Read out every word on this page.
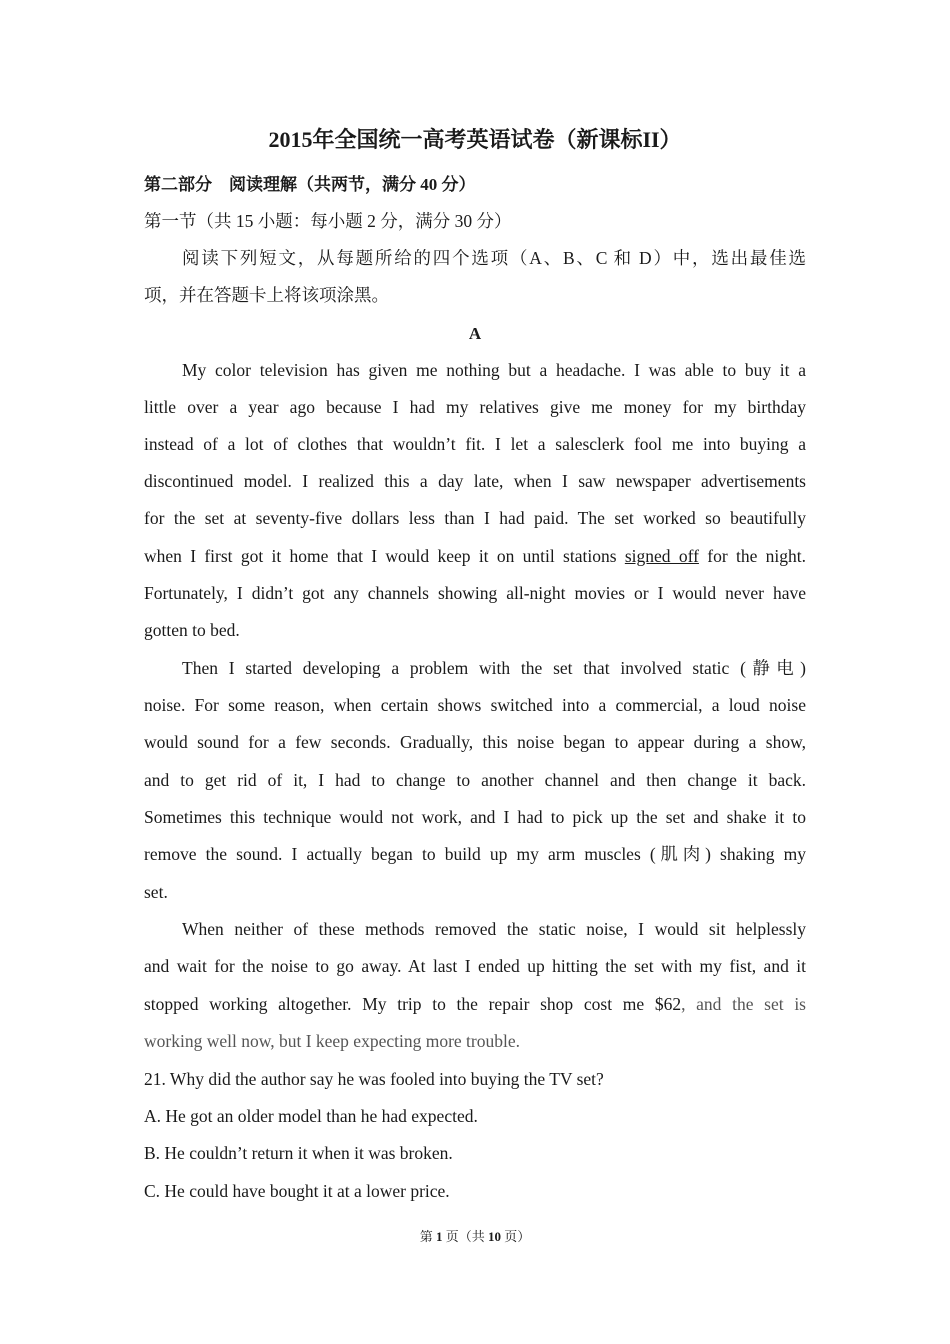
2015年全国统一高考英语试卷（新课标II）

第二部分　阅读理解（共两节，满分 40 分）

第一节（共 15 小题：每小题 2 分，满分 30 分）

阅读下列短文，从每题所给的四个选项（A、B、C 和 D）中，选出最佳选

项，并在答题卡上将该项涂黑。

A

My color television has given me nothing but a headache. I was able to buy it a

little over a year ago because I had my relatives give me money for my birthday

instead of a lot of clothes that wouldn’t fit. I let a salesclerk fool me into buying a

discontinued model. I realized this a day late, when I saw newspaper advertisements

for the set at seventy-five dollars less than I had paid. The set worked so beautifully

when I first got it home that I would keep it on until stations signed off for the night.

Fortunately, I didn’t got any channels showing all-night movies or I would never have

gotten to bed.

Then I started developing a problem with the set that involved static (静电)

noise. For some reason, when certain shows switched into a commercial, a loud noise

would sound for a few seconds. Gradually, this noise began to appear during a show,

and to get rid of it, I had to change to another channel and then change it back.

Sometimes this technique would not work, and I had to pick up the set and shake it to

remove the sound. I actually began to build up my arm muscles (肌肉) shaking my

set.

When neither of these methods removed the static noise, I would sit helplessly

and wait for the noise to go away. At last I ended up hitting the set with my fist, and it

stopped working altogether. My trip to the repair shop cost me $62, and the set is

working well now, but I keep expecting more trouble.

21. Why did the author say he was fooled into buying the TV set?

A. He got an older model than he had expected.

B. He couldn’t return it when it was broken.

C. He could have bought it at a lower price.

第 1 页（共 10 页）
